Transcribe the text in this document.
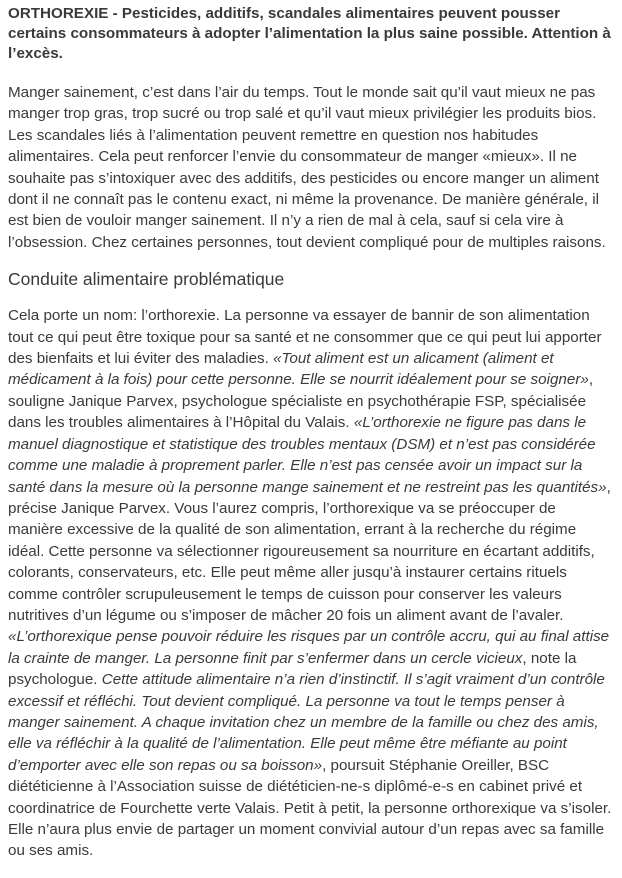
ORTHOREXIE - Pesticides, additifs, scandales alimentaires peuvent pousser certains consommateurs à adopter l’alimentation la plus saine possible. Attention à l’excès.

Manger sainement, c’est dans l’air du temps. Tout le monde sait qu’il vaut mieux ne pas manger trop gras, trop sucré ou trop salé et qu’il vaut mieux privilégier les produits bios. Les scandales liés à l’alimentation peuvent remettre en question nos habitudes alimentaires. Cela peut renforcer l’envie du consommateur de manger «mieux». Il ne souhaite pas s’intoxiquer avec des additifs, des pesticides ou encore manger un aliment dont il ne connaît pas le contenu exact, ni même la provenance. De manière générale, il est bien de vouloir manger sainement. Il n’y a rien de mal à cela, sauf si cela vire à l’obsession. Chez certaines personnes, tout devient compliqué pour de multiples raisons.

Conduite alimentaire problématique

Cela porte un nom: l’orthorexie. La personne va essayer de bannir de son alimentation tout ce qui peut être toxique pour sa santé et ne consommer que ce qui peut lui apporter des bienfaits et lui éviter des maladies. «Tout aliment est un alicament (aliment et médicament à la fois) pour cette personne. Elle se nourrit idéalement pour se soigner», souligne Janique Parvex, psychologue spécialiste en psychothérapie FSP, spécialisée dans les troubles alimentaires à l’Hôpital du Valais. «L’orthorexie ne figure pas dans le manuel diagnostique et statistique des troubles mentaux (DSM) et n’est pas considérée comme une maladie à proprement parler. Elle n’est pas censée avoir un impact sur la santé dans la mesure où la personne mange sainement et ne restreint pas les quantités», précise Janique Parvex. Vous l’aurez compris, l’orthorexique va se préoccuper de manière excessive de la qualité de son alimentation, errant à la recherche du régime idéal. Cette personne va sélectionner rigoureusement sa nourriture en écartant additifs, colorants, conservateurs, etc. Elle peut même aller jusqu’à instaurer certains rituels comme contrôler scrupuleusement le temps de cuisson pour conserver les valeurs nutritives d’un légume ou s’imposer de mâcher 20 fois un aliment avant de l’avaler. «L’orthorexique pense pouvoir réduire les risques par un contrôle accru, qui au final attise la crainte de manger. La personne finit par s’enfermer dans un cercle vicieux, note la psychologue. Cette attitude alimentaire n’a rien d’instinctif. Il s’agit vraiment d’un contrôle excessif et réfléchi. Tout devient compliqué. La personne va tout le temps penser à manger sainement. A chaque invitation chez un membre de la famille ou chez des amis, elle va réfléchir à la qualité de l’alimentation. Elle peut même être méfiante au point d’emporter avec elle son repas ou sa boisson», poursuit Stéphanie Oreiller, BSC diététicienne à l’Association suisse de diététicien-ne-s diplômé-e-s en cabinet privé et coordinatrice de Fourchette verte Valais. Petit à petit, la personne orthorexique va s’isoler. Elle n’aura plus envie de partager un moment convivial autour d’un repas avec sa famille ou ses amis.
